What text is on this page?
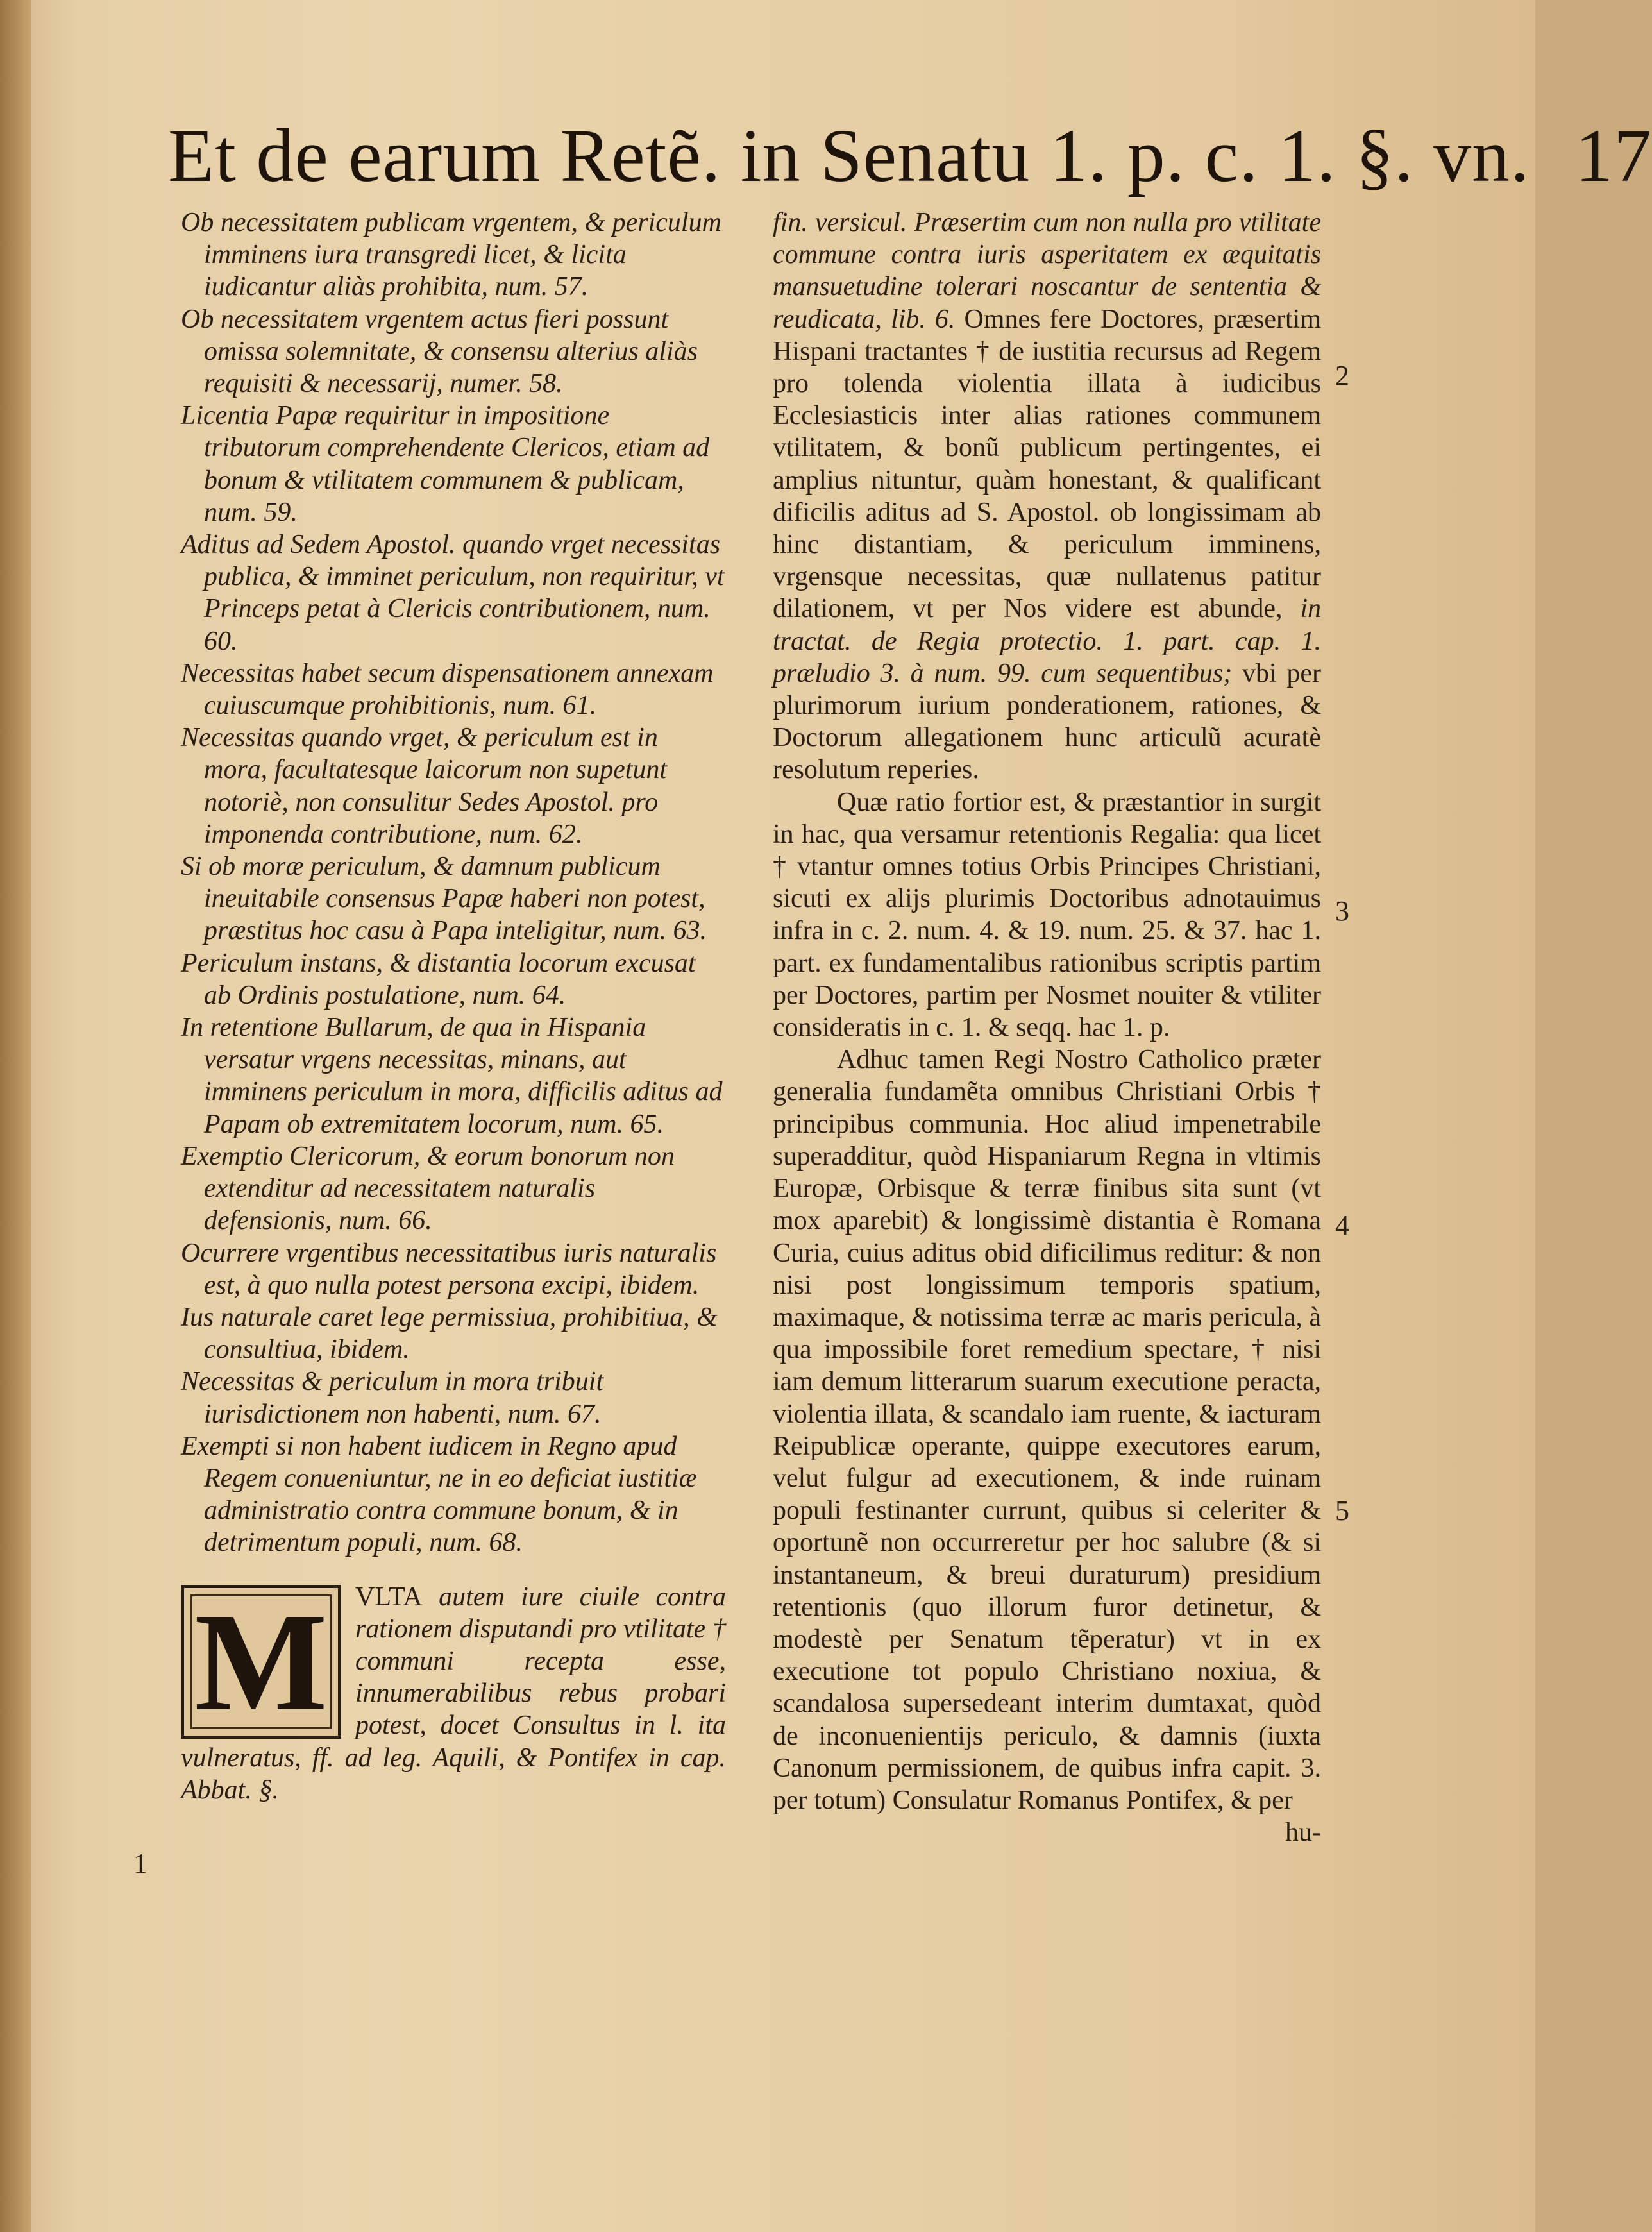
Et de earum Retẽ. in Senatu 1. p. c. 1. §. vn. 17

Ob necessitatem publicam vrgentem, & periculum imminens iura transgredi licet, & licita iudicantur aliàs prohibita, num. 57.

Ob necessitatem vrgentem actus fieri possunt omissa solemnitate, & consensu alterius aliàs requisiti & necessarij, numer. 58.

Licentia Papæ requiritur in impositione tributorum comprehendente Clericos, etiam ad bonum & vtilitatem communem & publicam, num. 59.

Aditus ad Sedem Apostol. quando vrget necessitas publica, & imminet periculum, non requiritur, vt Princeps petat à Clericis contributionem, num. 60.

Necessitas habet secum dispensationem annexam cuiuscumque prohibitionis, num. 61.

Necessitas quando vrget, & periculum est in mora, facultatesque laicorum non supetunt notoriè, non consulitur Sedes Apostol. pro imponenda contributione, num. 62.

Si ob moræ periculum, & damnum publicum ineuitabile consensus Papæ haberi non potest, præstitus hoc casu à Papa inteligitur, num. 63.

Periculum instans, & distantia locorum excusat ab Ordinis postulatione, num. 64.

In retentione Bullarum, de qua in Hispania versatur vrgens necessitas, minans, aut imminens periculum in mora, difficilis aditus ad Papam ob extremitatem locorum, num. 65.

Exemptio Clericorum, & eorum bonorum non extenditur ad necessitatem naturalis defensionis, num. 66.

Ocurrere vrgentibus necessitatibus iuris naturalis est, à quo nulla potest persona excipi, ibidem.

Ius naturale caret lege permissiua, prohibitiua, & consultiua, ibidem.

Necessitas & periculum in mora tribuit iurisdictionem non habenti, num. 67.

Exempti si non habent iudicem in Regno apud Regem conueniuntur, ne in eo deficiat iustitiæ administratio contra commune bonum, & in detrimentum populi, num. 68.

M VLTA autem iure ciuile contra rationem disputandi pro vtilitate † communi recepta esse, innumerabilibus rebus probari potest, docet Consultus in l. ita vulneratus, ff. ad leg. Aquili, & Pontifex in cap. Abbat. §.

fin. versicul. Præsertim cum non nulla pro vtilitate commune contra iuris asperitatem ex æquitatis mansuetudine tolerari noscantur de sententia & reudicata, lib. 6. Omnes fere Doctores, præsertim Hispani tractantes † de iustitia recursus ad Regem pro tolenda violentia illata à iudicibus Ecclesiasticis inter alias rationes communem vtilitatem, & bonũ publicum pertingentes, ei amplius nituntur, quàm honestant, & qualificant dificilis aditus ad S. Apostol. ob longissimam ab hinc distantiam, & periculum imminens, vrgensque necessitas, quæ nullatenus patitur dilationem, vt per Nos videre est abunde, in tractat. de Regia protectio. 1. part. cap. 1. præludio 3. à num. 99. cum sequentibus; vbi per plurimorum iurium ponderationem, rationes, & Doctorum allegationem hunc articulũ acuratè resolutum reperies.

Quæ ratio fortior est, & præstantior in surgit in hac, qua versamur retentionis Regalia: qua licet † vtantur omnes totius Orbis Principes Christiani, sicuti ex alijs plurimis Doctoribus adnotauimus infra in c. 2. num. 4. & 19. num. 25. & 37. hac 1. part. ex fundamentalibus rationibus scriptis partim per Doctores, partim per Nosmet nouiter & vtiliter consideratis in c. 1. & seqq. hac 1. p.

Adhuc tamen Regi Nostro Catholico præter generalia fundamẽta omnibus Christiani Orbis † principibus communia. Hoc aliud impenetrabile superadditur, quòd Hispaniarum Regna in vltimis Europæ, Orbisque & terræ finibus sita sunt (vt mox aparebit) & longissimè distantia è Romana Curia, cuius aditus obid dificilimus reditur: & non nisi post longissimum temporis spatium, maximaque, & notissima terræ ac maris pericula, à qua impossibile foret remedium spectare, † nisi iam demum litterarum suarum executione peracta, violentia illata, & scandalo iam ruente, & iacturam Reipublicæ operante, quippe executores earum, velut fulgur ad executionem, & inde ruinam populi festinanter currunt, quibus si celeriter & oportunẽ non occurreretur per hoc salubre (& si instantaneum, & breui duraturum) presidium retentionis (quo illorum furor detinetur, & modestè per Senatum tẽperatur) vt in ex executione tot populo Christiano noxiua, & scandalosa supersedeant interim dumtaxat, quòd de inconuenientijs periculo, & damnis (iuxta Canonum permissionem, de quibus infra capit. 3. per totum) Consulatur Romanus Pontifex, & per

hu-

2
3
4
5
1
